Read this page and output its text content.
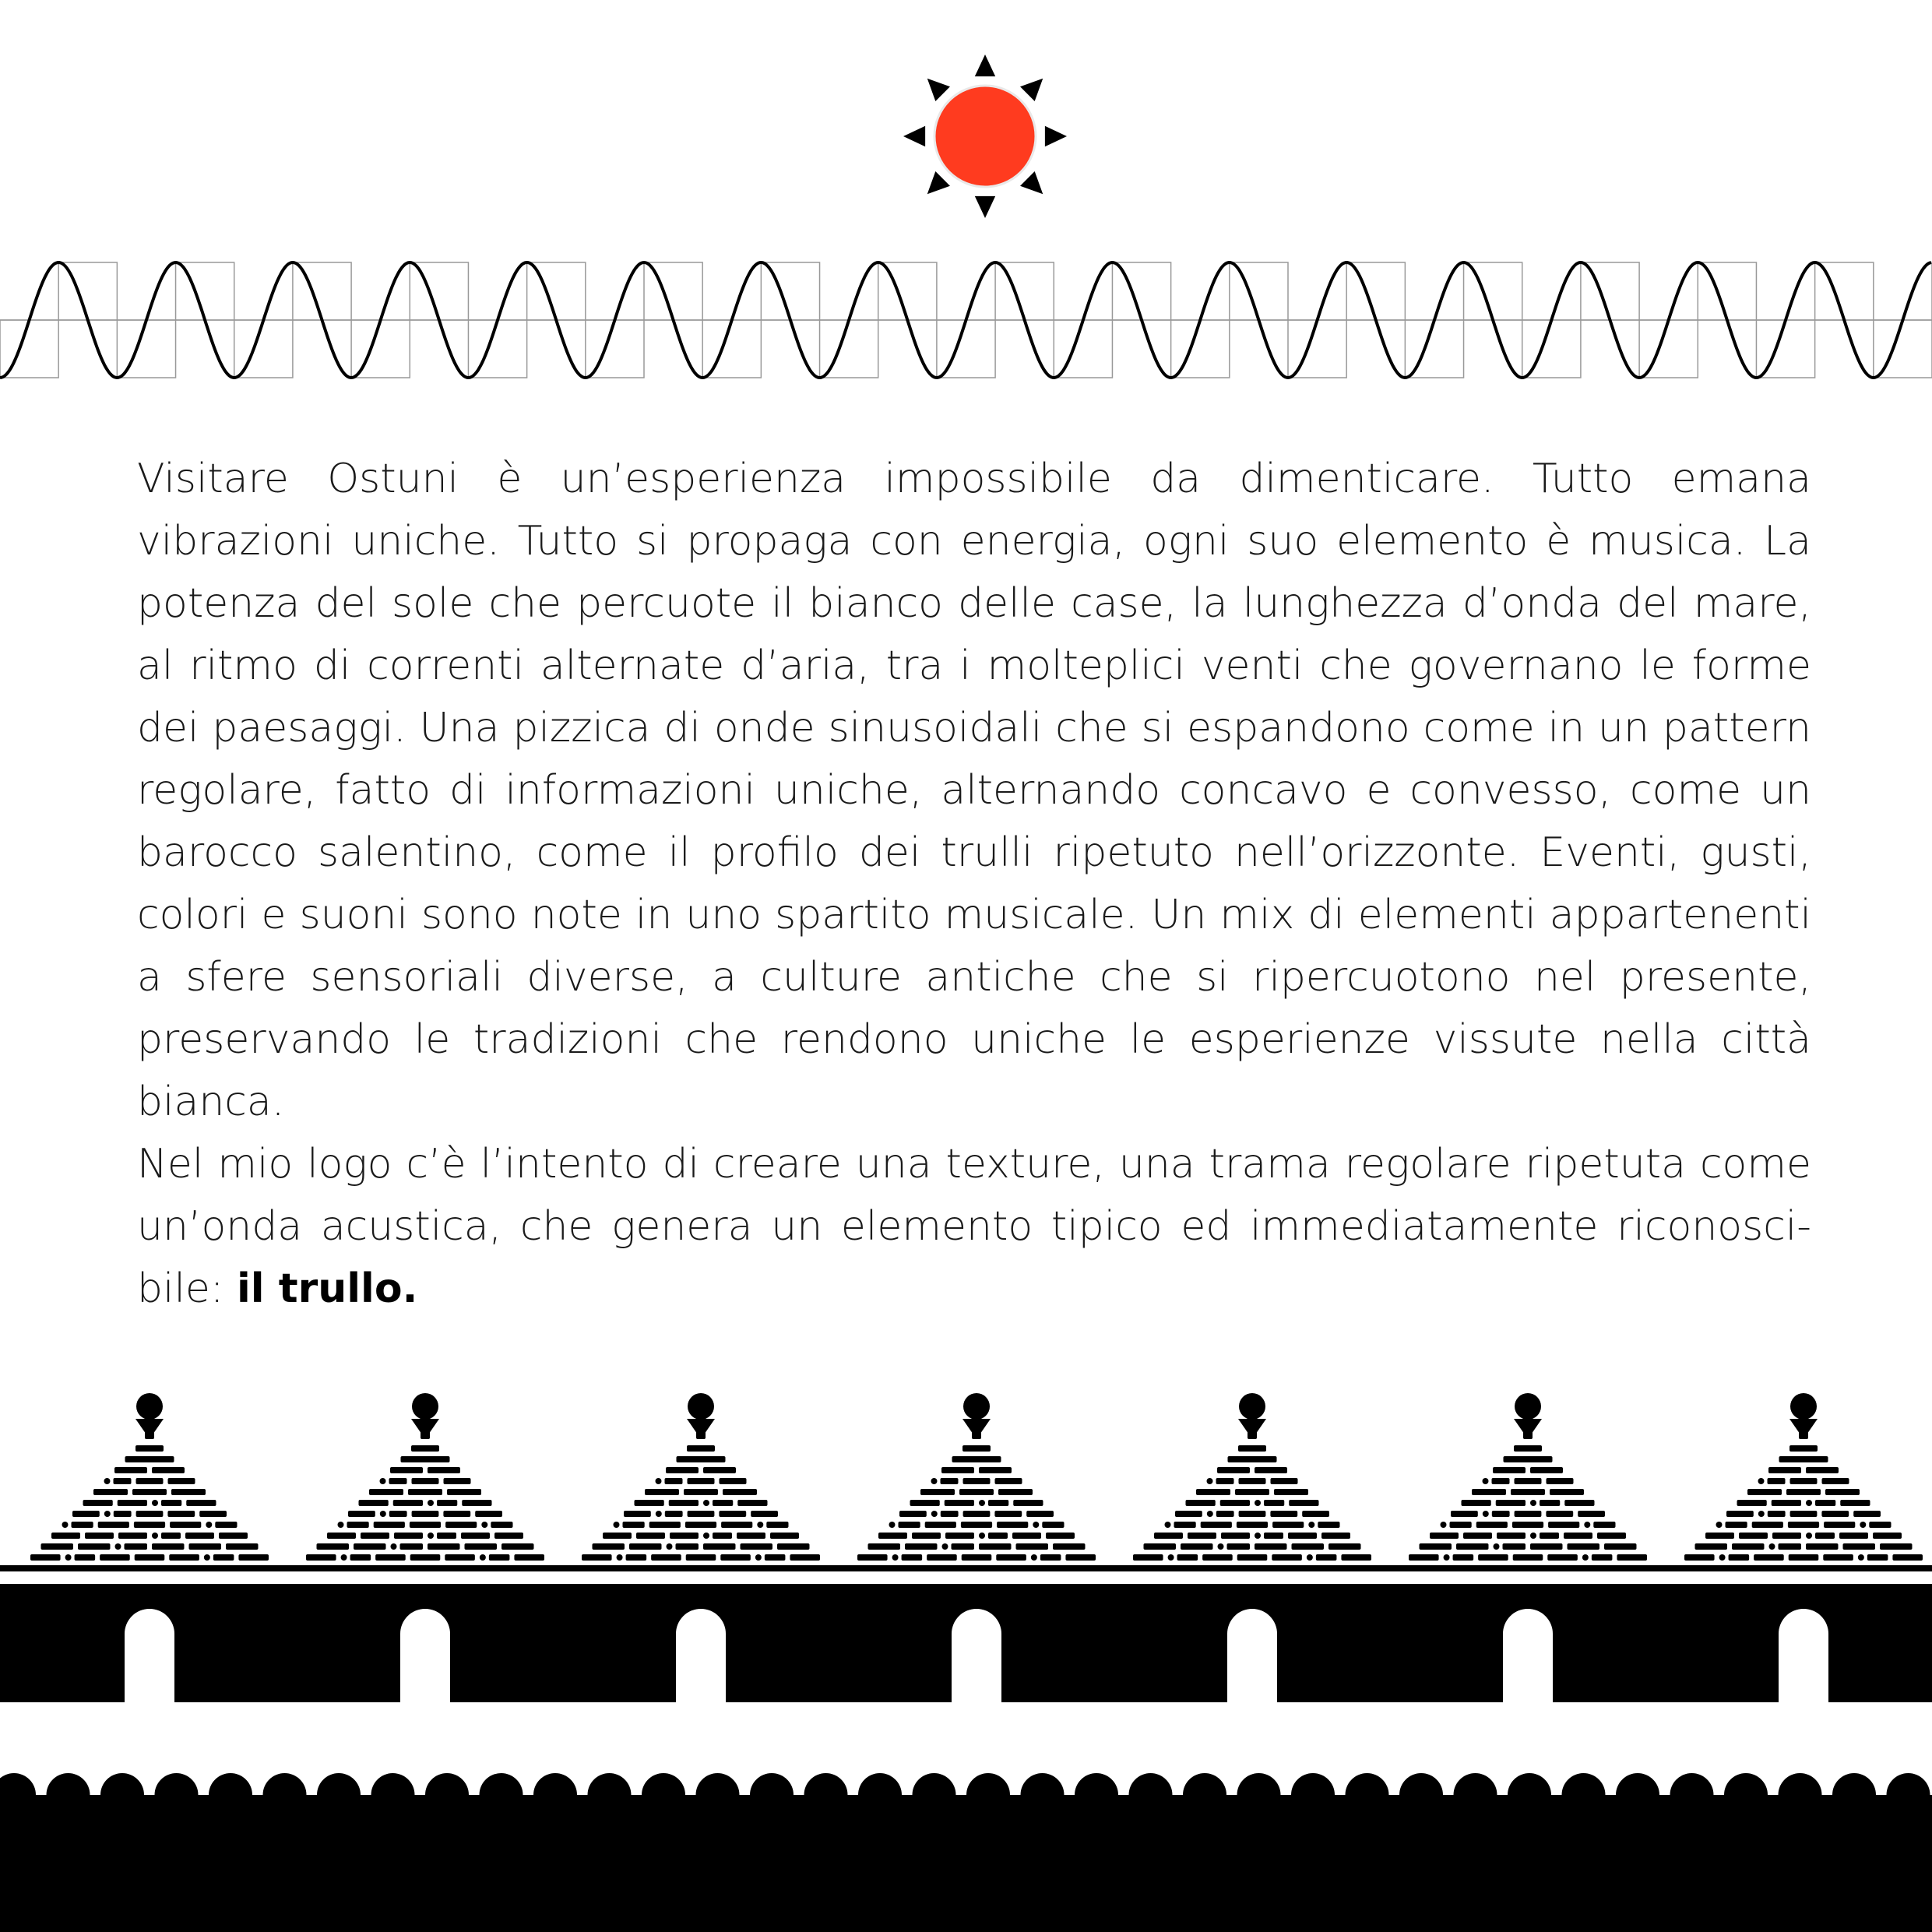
Visitare Ostuni è un’esperienza impossibile da dimenticare. Tutto emana vibrazioni uniche. Tutto si propaga con energia, ogni suo elemento è musica. La potenza del sole che percuote il bianco delle case, la lunghezza d’onda del mare, al ritmo di correnti alternate d’aria, tra i molteplici venti che governano le forme dei paesaggi. Una pizzica di onde sinusoidali che si espandono come in un pattern regolare, fatto di informazioni uniche, alternando concavo e convesso, come un barocco salentino, come il profilo dei trulli ripetuto nell’orizzonte. Eventi, gusti, colori e suoni sono note in uno spartito musicale. Un mix di elementi appartenenti a sfere sensoriali diverse, a culture antiche che si ripercuotono nel presente, preservando le tradizioni che rendono uniche le esperienze vissute nella città bianca.

Nel mio logo c’è l’intento di creare una texture, una trama regolare ripetuta come un’onda acustica, che genera un elemento tipico ed immediatamente riconosci-bile: il trullo.
